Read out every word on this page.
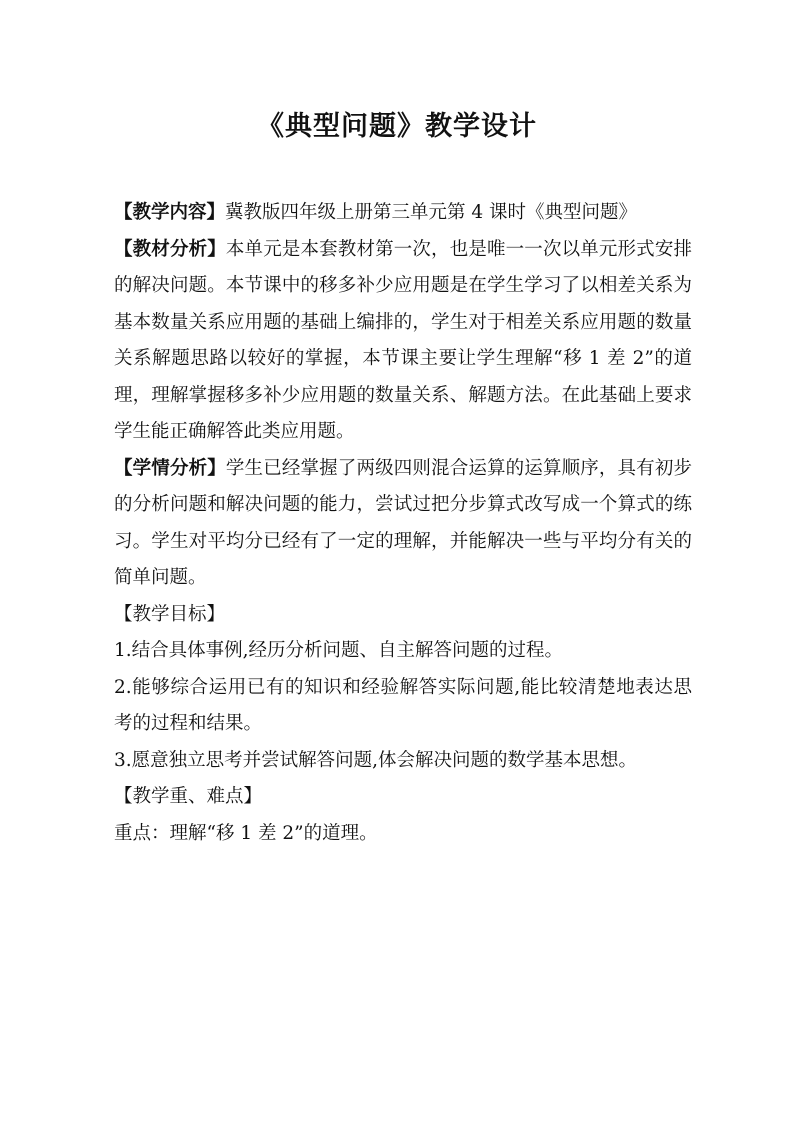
《典型问题》教学设计

【教学内容】冀教版四年级上册第三单元第 4 课时《典型问题》

【教材分析】本单元是本套教材第一次，也是唯一一次以单元形式安排的解决问题。本节课中的移多补少应用题是在学生学习了以相差关系为基本数量关系应用题的基础上编排的，学生对于相差关系应用题的数量关系解题思路以较好的掌握，本节课主要让学生理解“移 1 差 2”的道理，理解掌握移多补少应用题的数量关系、解题方法。在此基础上要求学生能正确解答此类应用题。

【学情分析】学生已经掌握了两级四则混合运算的运算顺序，具有初步的分析问题和解决问题的能力，尝试过把分步算式改写成一个算式的练习。学生对平均分已经有了一定的理解，并能解决一些与平均分有关的简单问题。

【教学目标】

1.结合具体事例,经历分析问题、自主解答问题的过程。

2.能够综合运用已有的知识和经验解答实际问题,能比较清楚地表达思考的过程和结果。

3.愿意独立思考并尝试解答问题,体会解决问题的数学基本思想。

【教学重、难点】

重点：理解“移 1 差 2”的道理。
